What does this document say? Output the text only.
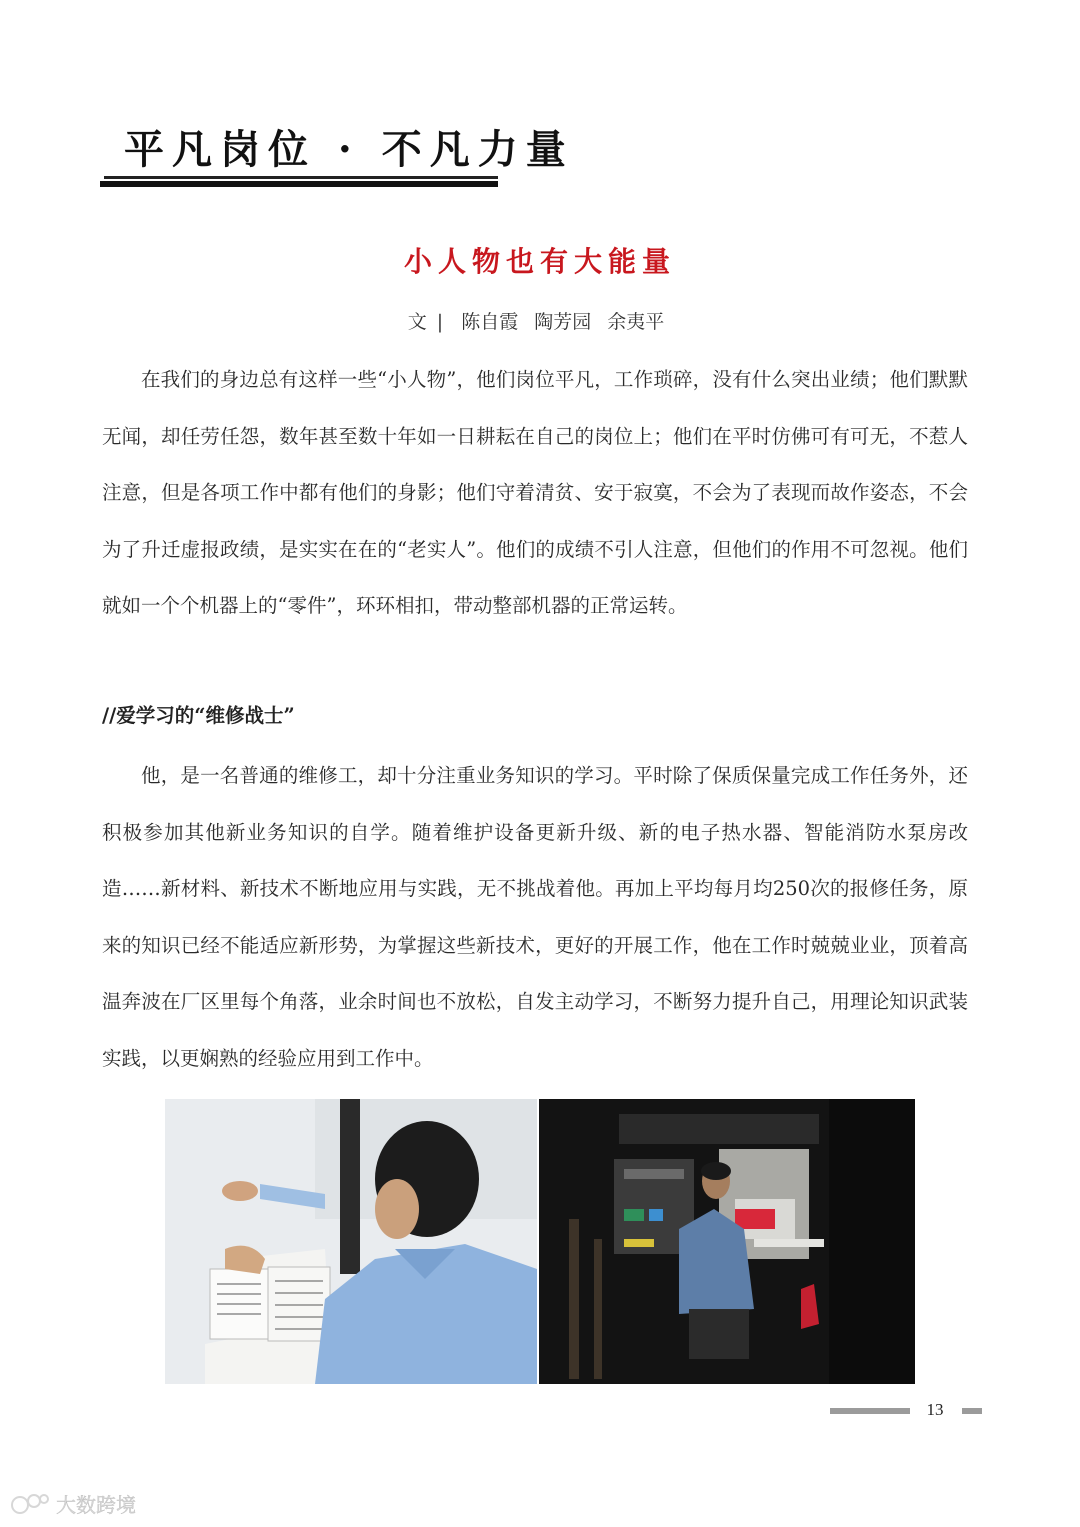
平凡岗位 · 不凡力量
小人物也有大能量
文 | 陈自霞 陶芳园 余夷平

在我们的身边总有这样一些“小人物”，他们岗位平凡，工作琐碎，没有什么突出业绩；他们默默无闻，却任劳任怨，数年甚至数十年如一日耕耘在自己的岗位上；他们在平时仿佛可有可无，不惹人注意，但是各项工作中都有他们的身影；他们守着清贫、安于寂寞，不会为了表现而故作姿态，不会为了升迁虚报政绩，是实实在在的“老实人”。他们的成绩不引人注意，但他们的作用不可忽视。他们就如一个个机器上的“零件”，环环相扣，带动整部机器的正常运转。

//爱学习的“维修战士”

他，是一名普通的维修工，却十分注重业务知识的学习。平时除了保质保量完成工作任务外，还积极参加其他新业务知识的自学。随着维护设备更新升级、新的电子热水器、智能消防水泵房改造……新材料、新技术不断地应用与实践，无不挑战着他。再加上平均每月均250次的报修任务，原来的知识已经不能适应新形势，为掌握这些新技术，更好的开展工作，他在工作时兢兢业业，顶着高温奔波在厂区里每个角落，业余时间也不放松，自发主动学习，不断努力提升自己，用理论知识武装实践，以更娴熟的经验应用到工作中。

13
大数跨境
